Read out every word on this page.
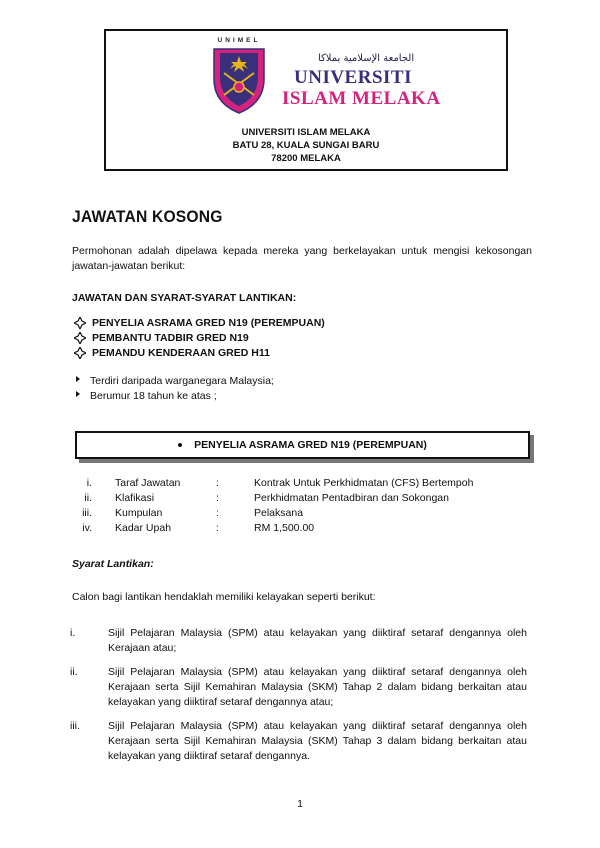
UNIMEL
الجامعة الإسلامية بملاكا
UNIVERSITI
ISLAM MELAKA
UNIVERSITI ISLAM MELAKA
BATU 28, KUALA SUNGAI BARU
78200 MELAKA
JAWATAN KOSONG
Permohonan adalah dipelawa kepada mereka yang berkelayakan untuk mengisi kekosongan jawatan-jawatan berikut:
JAWATAN DAN SYARAT-SYARAT LANTIKAN:
PENYELIA ASRAMA GRED N19 (PEREMPUAN)
PEMBANTU TADBIR GRED N19
PEMANDU KENDERAAN GRED H11
Terdiri daripada warganegara Malaysia;
Berumur 18 tahun ke atas ;
PENYELIA ASRAMA GRED N19 (PEREMPUAN)
i. Taraf Jawatan	:	Kontrak Untuk Perkhidmatan (CFS) Bertempoh
ii. Klafikasi	:	Perkhidmatan Pentadbiran dan Sokongan
iii. Kumpulan	:	Pelaksana
iv. Kadar Upah	:	RM 1,500.00
Syarat Lantikan:
Calon bagi lantikan hendaklah memiliki kelayakan seperti berikut:
i.	Sijil Pelajaran Malaysia (SPM) atau kelayakan yang diiktiraf setaraf dengannya oleh Kerajaan atau;
ii.	Sijil Pelajaran Malaysia (SPM) atau kelayakan yang diiktiraf setaraf dengannya oleh Kerajaan serta Sijil Kemahiran Malaysia (SKM) Tahap 2 dalam bidang berkaitan atau kelayakan yang diiktiraf setaraf dengannya atau;
iii.	Sijil Pelajaran Malaysia (SPM) atau kelayakan yang diiktiraf setaraf dengannya oleh Kerajaan serta Sijil Kemahiran Malaysia (SKM) Tahap 3 dalam bidang berkaitan atau kelayakan yang diiktiraf setaraf dengannya.
1
